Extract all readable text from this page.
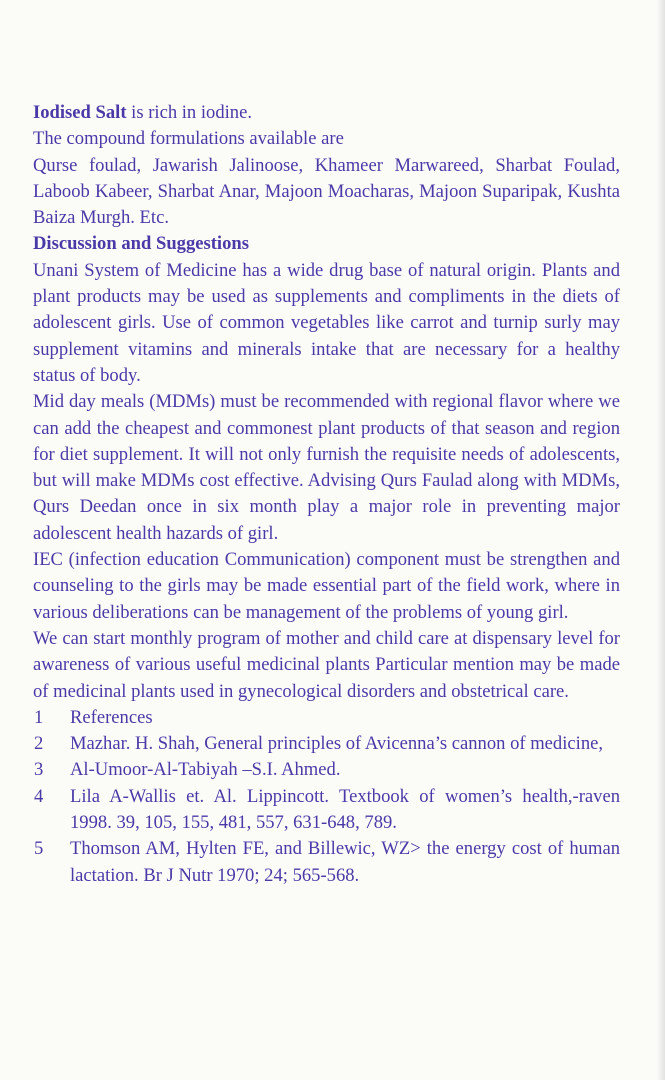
Iodised Salt is rich in iodine.

The compound formulations available are

Qurse foulad, Jawarish Jalinoose, Khameer Marwareed, Sharbat Foulad, Laboob Kabeer, Sharbat Anar, Majoon Moacharas, Majoon Suparipak, Kushta Baiza Murgh. Etc.

Discussion and Suggestions

Unani System of Medicine has a wide drug base of natural origin. Plants and plant products may be used as supplements and compliments in the diets of adolescent girls. Use of common vegetables like carrot and turnip surly may supplement vitamins and minerals intake that are necessary for a healthy status of body.

Mid day meals (MDMs) must be recommended with regional flavor where we can add the cheapest and commonest plant products of that season and region for diet supplement. It will not only furnish the requisite needs of adolescents, but will make MDMs cost effective. Advising Qurs Faulad along with MDMs, Qurs Deedan once in six month play a major role in preventing major adolescent health hazards of girl.

IEC (infection education Communication) component must be strengthen and counseling to the girls may be made essential part of the field work, where in various deliberations can be management of the problems of young girl.

We can start monthly program of mother and child care at dispensary level for awareness of various useful medicinal plants Particular mention may be made of medicinal plants used in gynecological disorders and obstetrical care.

1	References
2	Mazhar. H. Shah, General principles of Avicenna’s cannon of medicine,
3	Al-Umoor-Al-Tabiyah –S.I. Ahmed.
4	Lila A-Wallis et. Al. Lippincott. Textbook of women’s health,-raven 1998. 39, 105, 155, 481, 557, 631-648, 789.
5	Thomson AM, Hylten FE, and Billewic, WZ> the energy cost of human lactation. Br J Nutr 1970; 24; 565-568.
